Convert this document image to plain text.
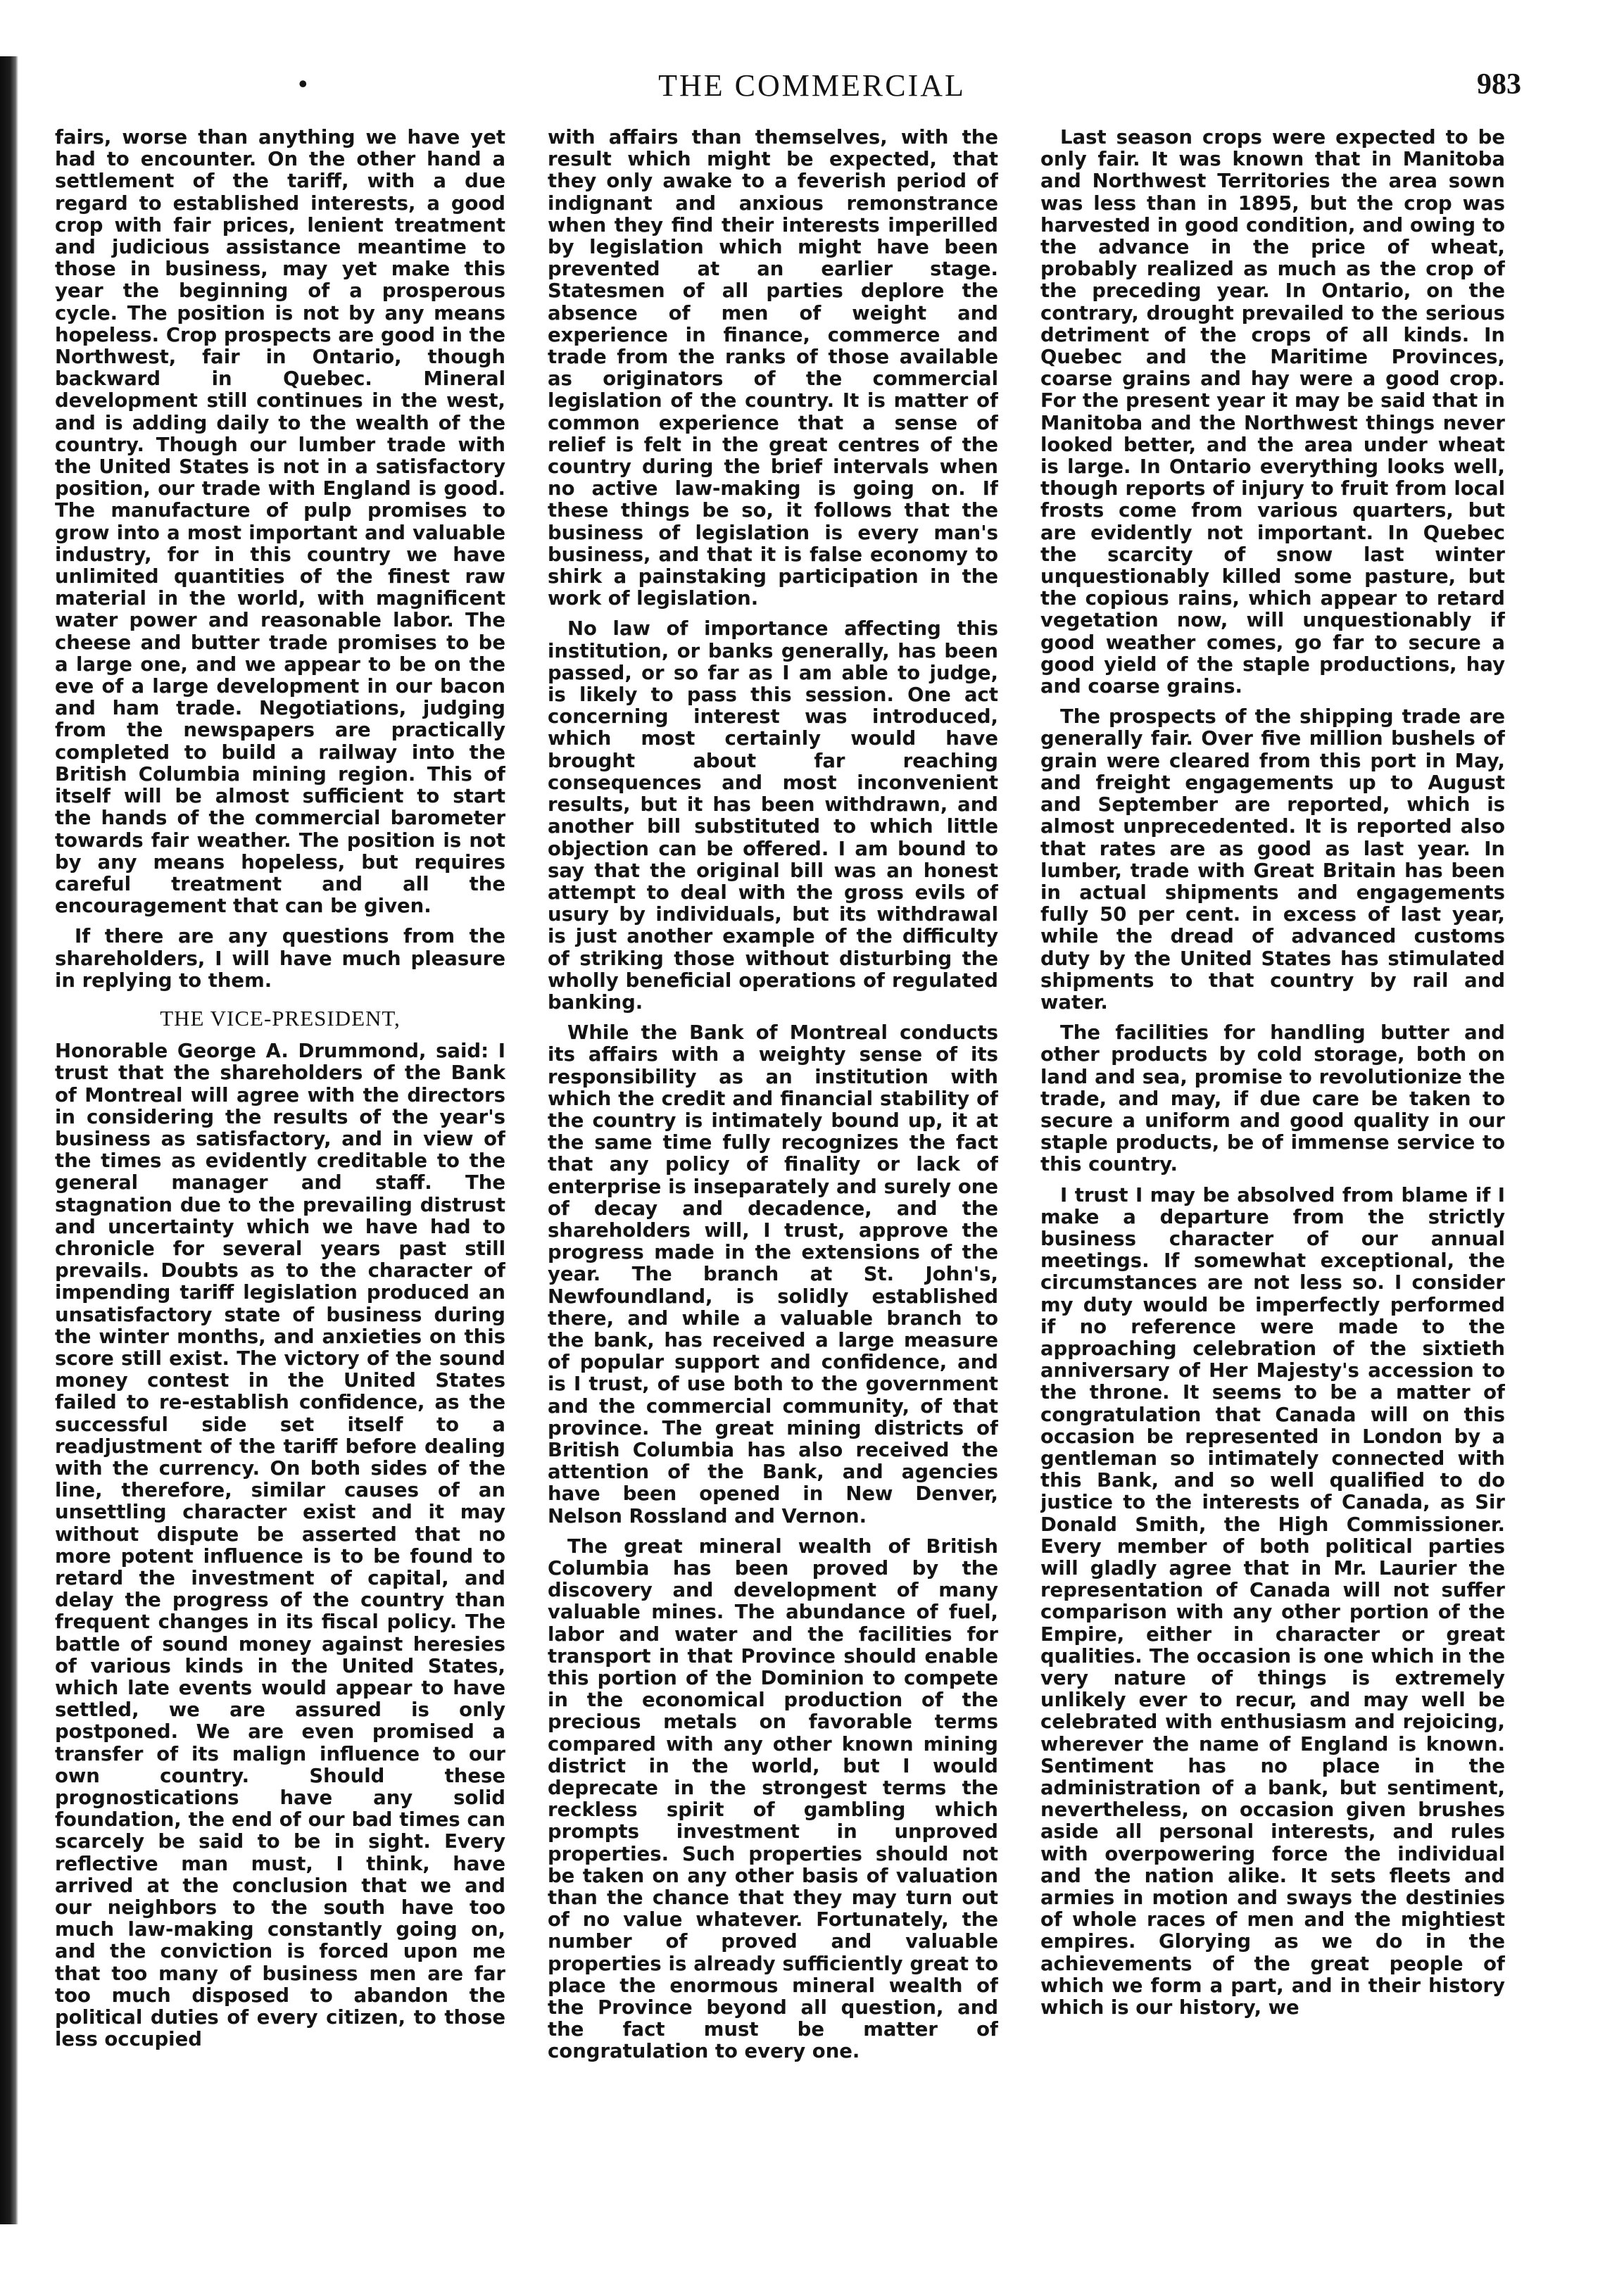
•	THE COMMERCIAL	983

fairs, worse than anything we have yet had to encounter. On the other hand a settlement of the tariff, with a due regard to established interests, a good crop with fair prices, lenient treatment and judicious assistance meantime to those in business, may yet make this year the beginning of a prosperous cycle. The position is not by any means hopeless. Crop prospects are good in the Northwest, fair in Ontario, though backward in Quebec. Mineral development still continues in the west, and is adding daily to the wealth of the country. Though our lumber trade with the United States is not in a satisfactory position, our trade with England is good. The manufacture of pulp promises to grow into a most important and valuable industry, for in this country we have unlimited quantities of the finest raw material in the world, with magnificent water power and reasonable labor. The cheese and butter trade promises to be a large one, and we appear to be on the eve of a large development in our bacon and ham trade. Negotiations, judging from the newspapers are practically completed to build a railway into the British Columbia mining region. This of itself will be almost sufficient to start the hands of the commercial barometer towards fair weather. The position is not by any means hopeless, but requires careful treatment and all the encouragement that can be given.

If there are any questions from the shareholders, I will have much pleasure in replying to them.

THE VICE-PRESIDENT,

Honorable George A. Drummond, said: I trust that the shareholders of the Bank of Montreal will agree with the directors in considering the results of the year's business as satisfactory, and in view of the times as evidently creditable to the general manager and staff. The stagnation due to the prevailing distrust and uncertainty which we have had to chronicle for several years past still prevails. Doubts as to the character of impending tariff legislation produced an unsatisfactory state of business during the winter months, and anxieties on this score still exist. The victory of the sound money contest in the United States failed to re-establish confidence, as the successful side set itself to a readjustment of the tariff before dealing with the currency. On both sides of the line, therefore, similar causes of an unsettling character exist and it may without dispute be asserted that no more potent influence is to be found to retard the investment of capital, and delay the progress of the country than frequent changes in its fiscal policy. The battle of sound money against heresies of various kinds in the United States, which late events would appear to have settled, we are assured is only postponed. We are even promised a transfer of its malign influence to our own country. Should these prognostications have any solid foundation, the end of our bad times can scarcely be said to be in sight. Every reflective man must, I think, have arrived at the conclusion that we and our neighbors to the south have too much law-making constantly going on, and the conviction is forced upon me that too many of business men are far too much disposed to abandon the political duties of every citizen, to those less occupied

with affairs than themselves, with the result which might be expected, that they only awake to a feverish period of indignant and anxious remonstrance when they find their interests imperilled by legislation which might have been prevented at an earlier stage. Statesmen of all parties deplore the absence of men of weight and experience in finance, commerce and trade from the ranks of those available as originators of the commercial legislation of the country. It is matter of common experience that a sense of relief is felt in the great centres of the country during the brief intervals when no active law-making is going on. If these things be so, it follows that the business of legislation is every man's business, and that it is false economy to shirk a painstaking participation in the work of legislation.

No law of importance affecting this institution, or banks generally, has been passed, or so far as I am able to judge, is likely to pass this session. One act concerning interest was introduced, which most certainly would have brought about far reaching consequences and most inconvenient results, but it has been withdrawn, and another bill substituted to which little objection can be offered. I am bound to say that the original bill was an honest attempt to deal with the gross evils of usury by individuals, but its withdrawal is just another example of the difficulty of striking those without disturbing the wholly beneficial operations of regulated banking.

While the Bank of Montreal conducts its affairs with a weighty sense of its responsibility as an institution with which the credit and financial stability of the country is intimately bound up, it at the same time fully recognizes the fact that any policy of finality or lack of enterprise is inseparately and surely one of decay and decadence, and the shareholders will, I trust, approve the progress made in the extensions of the year. The branch at St. John's, Newfoundland, is solidly established there, and while a valuable branch to the bank, has received a large measure of popular support and confidence, and is I trust, of use both to the government and the commercial community, of that province. The great mining districts of British Columbia has also received the attention of the Bank, and agencies have been opened in New Denver, Nelson Rossland and Vernon.

The great mineral wealth of British Columbia has been proved by the discovery and development of many valuable mines. The abundance of fuel, labor and water and the facilities for transport in that Province should enable this portion of the Dominion to compete in the economical production of the precious metals on favorable terms compared with any other known mining district in the world, but I would deprecate in the strongest terms the reckless spirit of gambling which prompts investment in unproved properties. Such properties should not be taken on any other basis of valuation than the chance that they may turn out of no value whatever. Fortunately, the number of proved and valuable properties is already sufficiently great to place the enormous mineral wealth of the Province beyond all question, and the fact must be matter of congratulation to every one.

Last season crops were expected to be only fair. It was known that in Manitoba and Northwest Territories the area sown was less than in 1895, but the crop was harvested in good condition, and owing to the advance in the price of wheat, probably realized as much as the crop of the preceding year. In Ontario, on the contrary, drought prevailed to the serious detriment of the crops of all kinds. In Quebec and the Maritime Provinces, coarse grains and hay were a good crop. For the present year it may be said that in Manitoba and the Northwest things never looked better, and the area under wheat is large. In Ontario everything looks well, though reports of injury to fruit from local frosts come from various quarters, but are evidently not important. In Quebec the scarcity of snow last winter unquestionably killed some pasture, but the copious rains, which appear to retard vegetation now, will unquestionably if good weather comes, go far to secure a good yield of the staple productions, hay and coarse grains.

The prospects of the shipping trade are generally fair. Over five million bushels of grain were cleared from this port in May, and freight engagements up to August and September are reported, which is almost unprecedented. It is reported also that rates are as good as last year. In lumber, trade with Great Britain has been in actual shipments and engagements fully 50 per cent. in excess of last year, while the dread of advanced customs duty by the United States has stimulated shipments to that country by rail and water.

The facilities for handling butter and other products by cold storage, both on land and sea, promise to revolutionize the trade, and may, if due care be taken to secure a uniform and good quality in our staple products, be of immense service to this country.

I trust I may be absolved from blame if I make a departure from the strictly business character of our annual meetings. If somewhat exceptional, the circumstances are not less so. I consider my duty would be imperfectly performed if no reference were made to the approaching celebration of the sixtieth anniversary of Her Majesty's accession to the throne. It seems to be a matter of congratulation that Canada will on this occasion be represented in London by a gentleman so intimately connected with this Bank, and so well qualified to do justice to the interests of Canada, as Sir Donald Smith, the High Commissioner. Every member of both political parties will gladly agree that in Mr. Laurier the representation of Canada will not suffer comparison with any other portion of the Empire, either in character or great qualities. The occasion is one which in the very nature of things is extremely unlikely ever to recur, and may well be celebrated with enthusiasm and rejoicing, wherever the name of England is known. Sentiment has no place in the administration of a bank, but sentiment, nevertheless, on occasion given brushes aside all personal interests, and rules with overpowering force the individual and the nation alike. It sets fleets and armies in motion and sways the destinies of whole races of men and the mightiest empires. Glorying as we do in the achievements of the great people of which we form a part, and in their history which is our history, we
